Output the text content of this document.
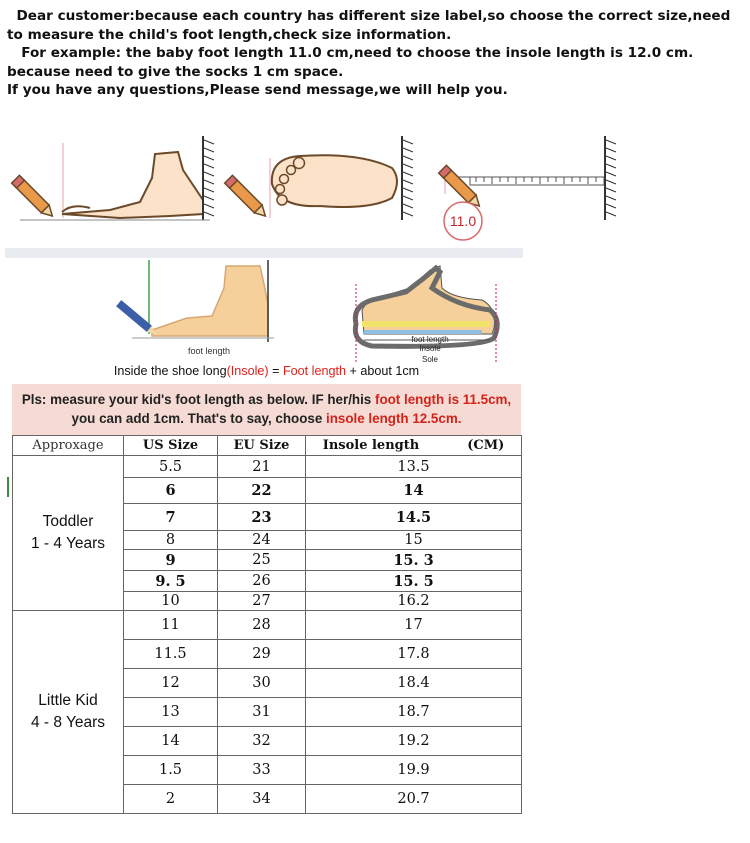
Dear customer:because each country has different size label,so choose the correct size,need to measure the child's foot length,check size information.

For example: the baby foot length 11.0 cm,need to choose the insole length is 12.0 cm. because need to give the socks 1 cm space.

If you have any questions,Please send message,we will help you.

11.0
foot length
foot length
Insole
Sole
Inside the shoe long(Insole) = Foot length + about 1cm
Pls: measure your kid's foot length as below. IF her/his foot length is 11.5cm, you can add 1cm. That's to say, choose insole length 12.5cm.
Approxage	US Size	EU Size	Insole length (CM)
Toddler
1 - 4 Years	5.5	21	13.5
	6	22	14
	7	23	14.5
	8	24	15
	9	25	15. 3
	9. 5	26	15. 5
	10	27	16.2
Little Kid
4 - 8 Years	11	28	17
	11.5	29	17.8
	12	30	18.4
	13	31	18.7
	14	32	19.2
	1.5	33	19.9
	2	34	20.7
